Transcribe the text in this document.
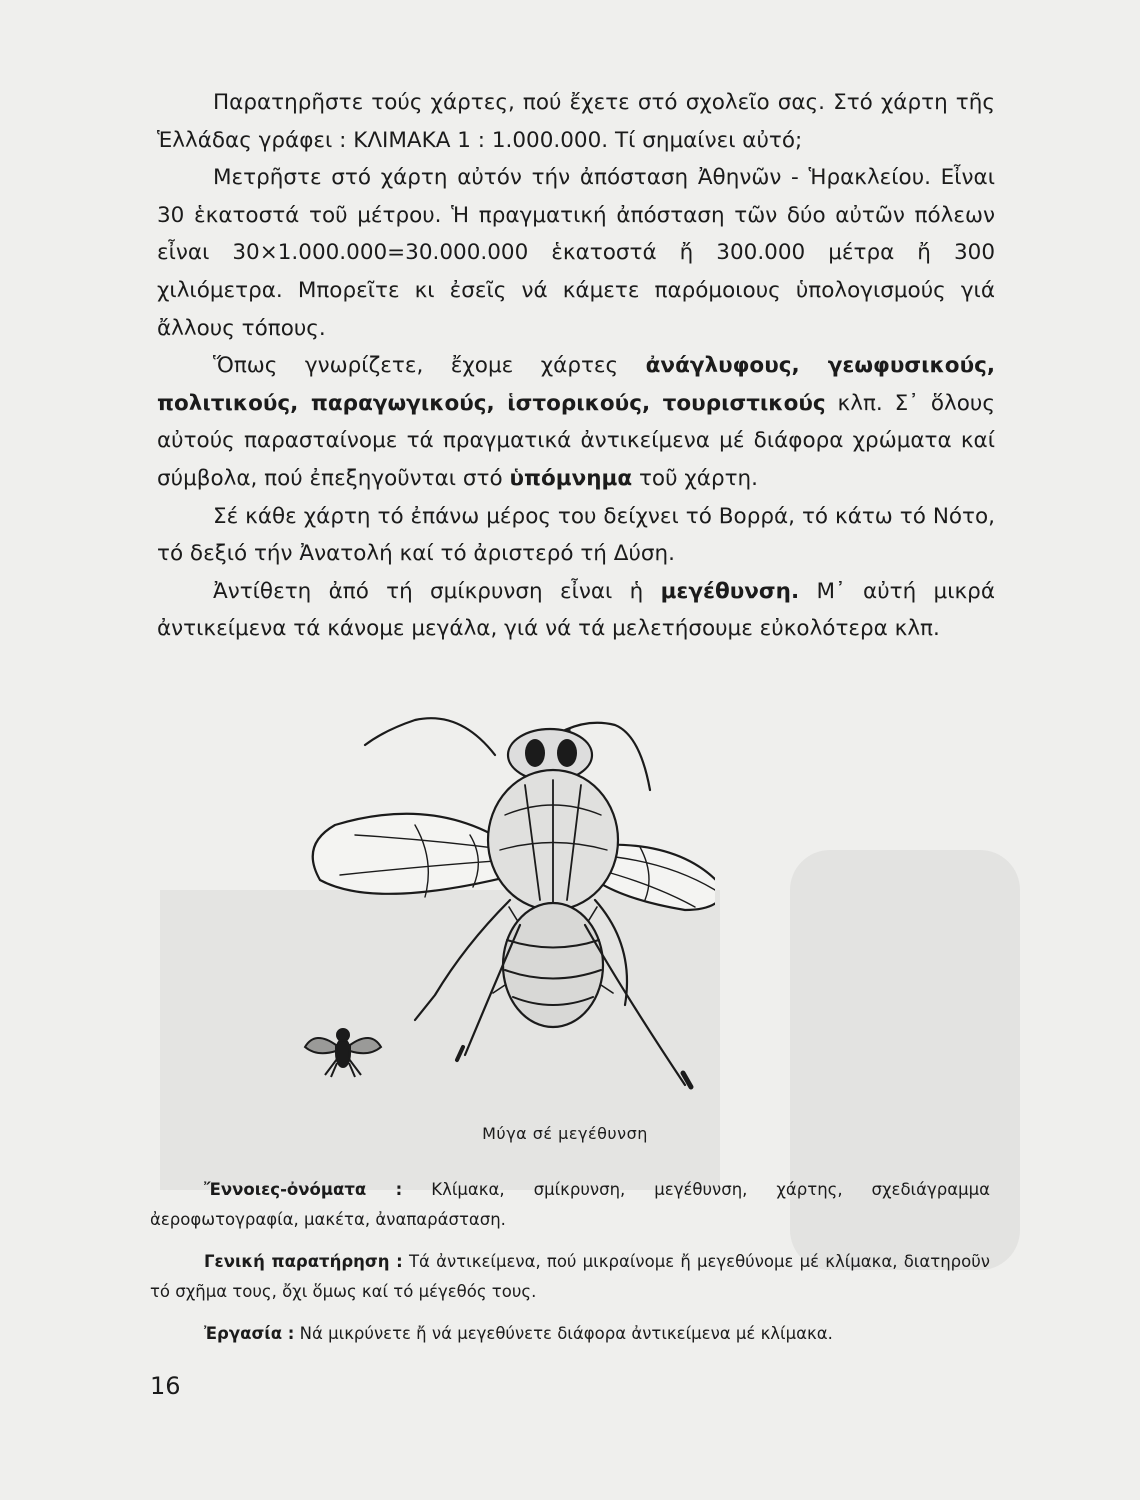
Παρατηρῆστε τούς χάρτες, πού ἔχετε στό σχολεῖο σας. Στό χάρτη τῆς Ἑλλάδας γράφει : ΚΛΙΜΑΚΑ 1 : 1.000.000. Τί σημαίνει αὐτό;

Μετρῆστε στό χάρτη αὐτόν τήν ἀπόσταση Ἀθηνῶν - Ἡρακλείου. Εἶναι 30 ἑκατοστά τοῦ μέτρου. Ἡ πραγματική ἀπόσταση τῶν δύο αὐτῶν πόλεων εἶναι 30×1.000.000=30.000.000 ἑκατοστά ἤ 300.000 μέτρα ἤ 300 χιλιόμετρα. Μπορεῖτε κι ἐσεῖς νά κάμετε παρόμοιους ὑπολογισμούς γιά ἄλλους τόπους.

Ὅπως γνωρίζετε, ἔχομε χάρτες ἀνάγλυφους, γεωφυσικούς, πολιτικούς, παραγωγικούς, ἱστορικούς, τουριστικούς κλπ. Σ᾽ ὅλους αὐτούς παρασταίνομε τά πραγματικά ἀντικείμενα μέ διάφορα χρώματα καί σύμβολα, πού ἐπεξηγοῦνται στό ὑπόμνημα τοῦ χάρτη.

Σέ κάθε χάρτη τό ἐπάνω μέρος του δείχνει τό Βορρά, τό κάτω τό Νότο, τό δεξιό τήν Ἀνατολή καί τό ἀριστερό τή Δύση.

Ἀντίθετη ἀπό τή σμίκρυνση εἶναι ἡ μεγέθυνση. Μ᾽ αὐτή μικρά ἀντικείμενα τά κάνομε μεγάλα, γιά νά τά μελετήσουμε εὐκολότερα κλπ.

Μύγα σέ μεγέθυνση

Ἔννοιες-ὀνόματα : Κλίμακα, σμίκρυνση, μεγέθυνση, χάρτης, σχεδιάγραμμα ἀεροφωτογραφία, μακέτα, ἀναπαράσταση.

Γενική παρατήρηση : Τά ἀντικείμενα, πού μικραίνομε ἤ μεγεθύνομε μέ κλίμακα, διατηροῦν τό σχῆμα τους, ὄχι ὅμως καί τό μέγεθός τους.

Ἐργασία : Νά μικρύνετε ἤ νά μεγεθύνετε διάφορα ἀντικείμενα μέ κλίμακα.

16
